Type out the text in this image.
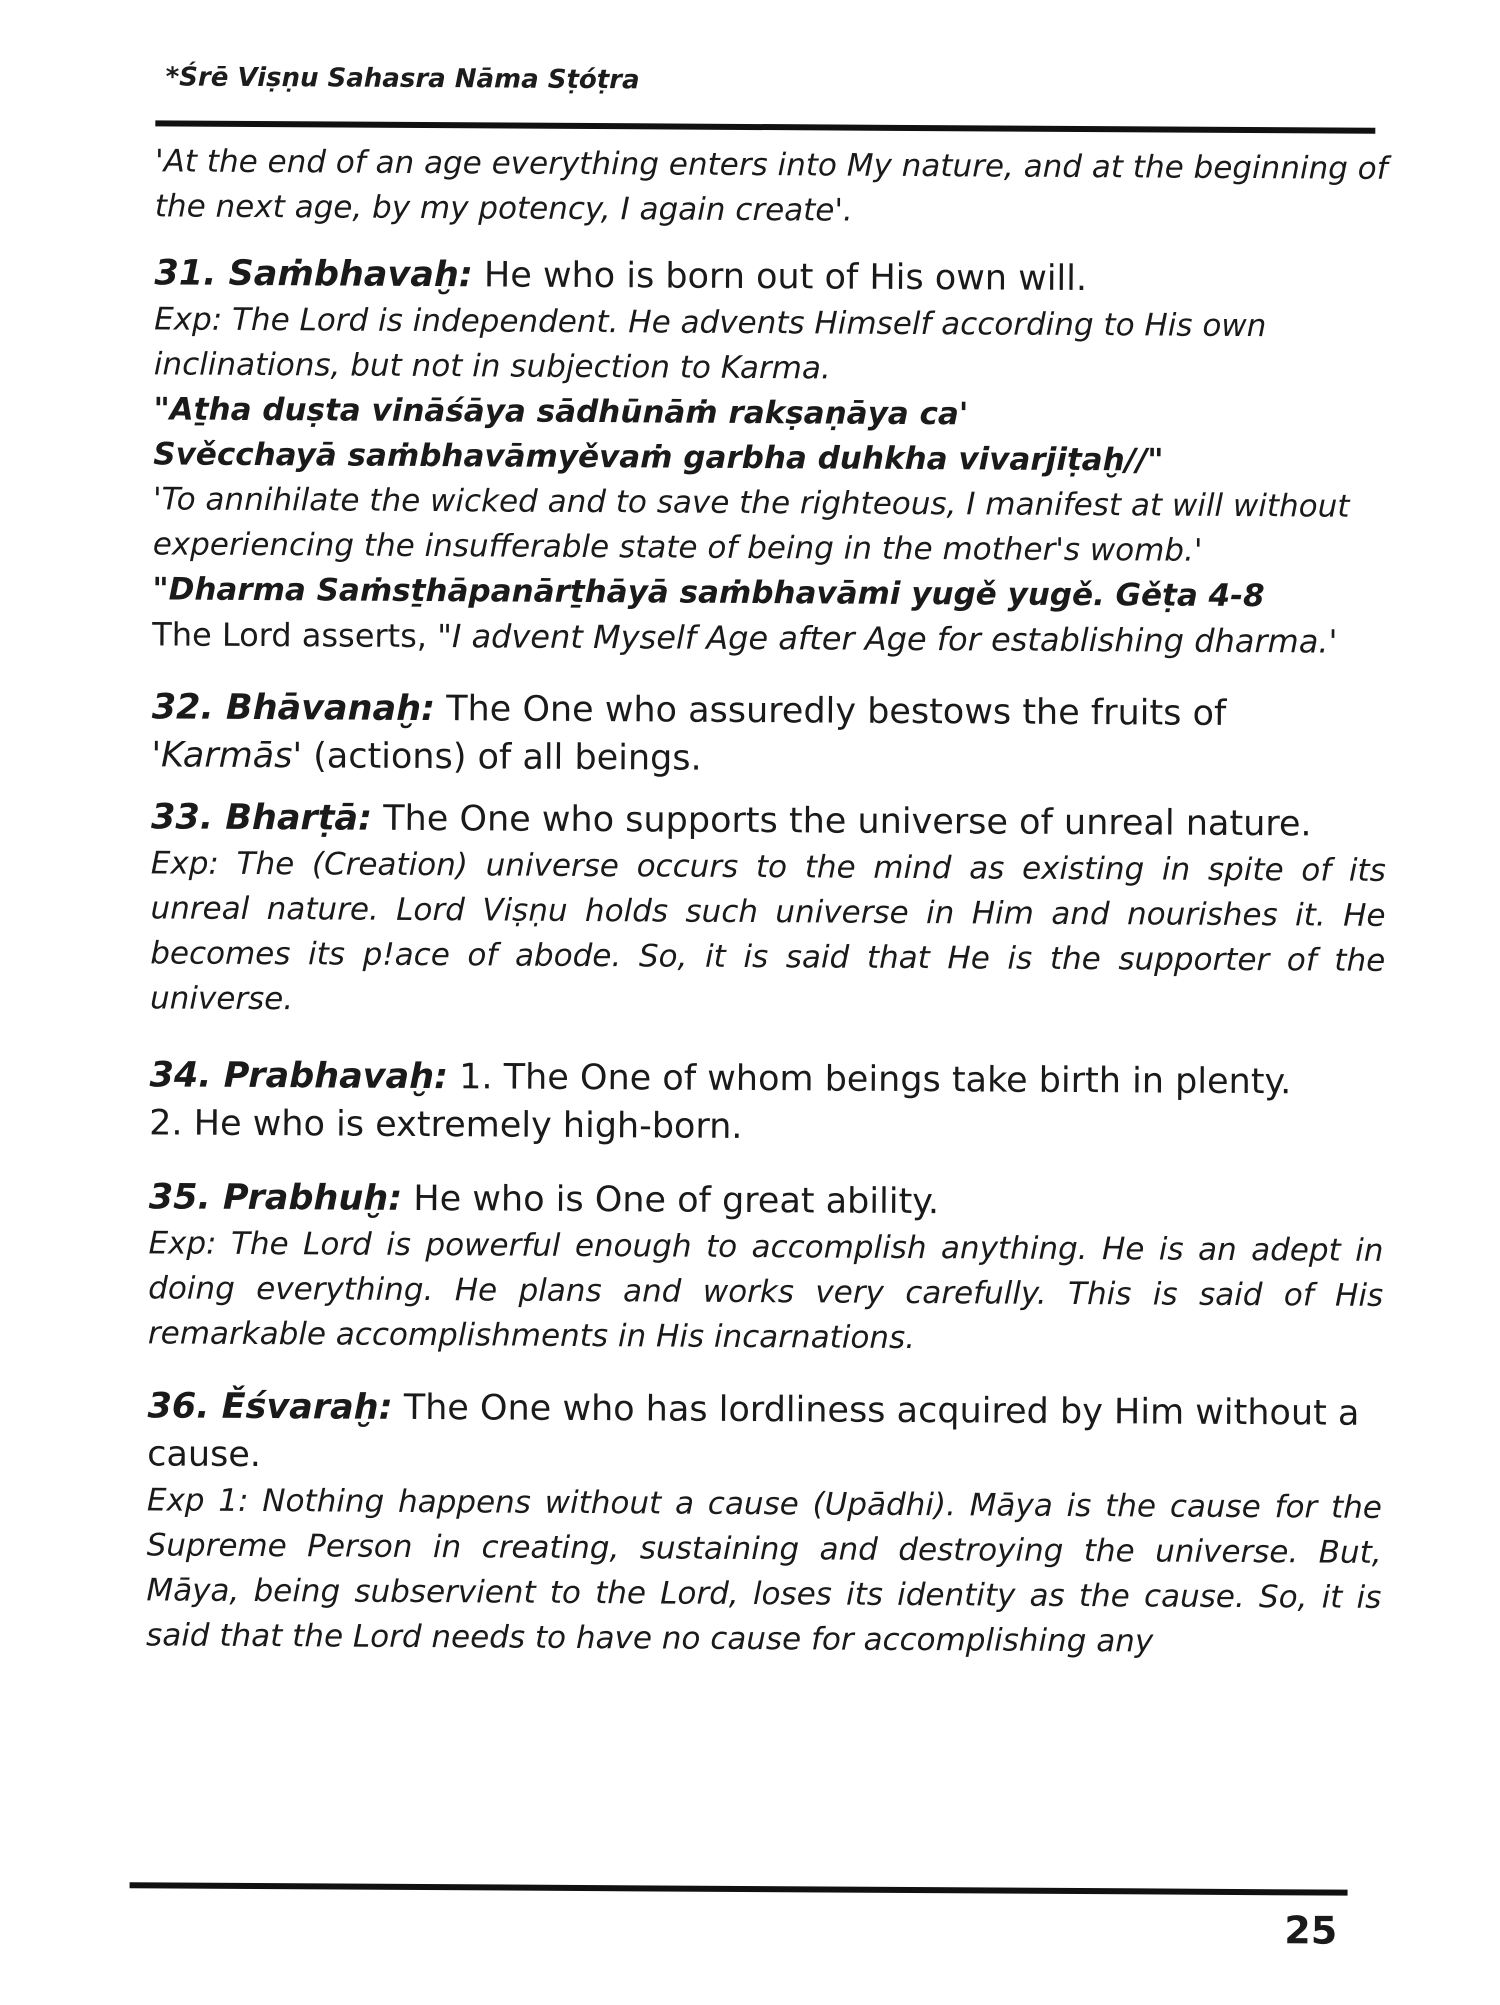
*Śrē Viṣṇu Sahasra Nāma Sṭóṭra

'At the end of an age everything enters into My nature, and at the beginning of the next age, by my potency, I again create'.

31. Saṁbhavaḫ: He who is born out of His own will.

Exp: The Lord is independent. He advents Himself according to His own inclinations, but not in subjection to Karma.

"Aṯha duṣta vināśāya sādhūnāṁ rakṣaṇāya ca'

Svěcchayā saṁbhavāmyěvaṁ garbha duhkha vivarjiṭaḫ//"

'To annihilate the wicked and to save the righteous, I manifest at will without experiencing the insufferable state of being in the mother's womb.'

"Dharma Saṁsṯhāpanārṯhāyā saṁbhavāmi yugě yugě. Gěṭa 4-8

The Lord asserts, "I advent Myself Age after Age for establishing dharma.'

32. Bhāvanaḫ: The One who assuredly bestows the fruits of

'Karmās' (actions) of all beings.

33. Bharṭā: The One who supports the universe of unreal nature.

Exp: The (Creation) universe occurs to the mind as existing in spite of its unreal nature. Lord Viṣṇu holds such universe in Him and nourishes it. He becomes its p!ace of abode. So, it is said that He is the supporter of the universe.

34. Prabhavaḫ: 1. The One of whom beings take birth in plenty.

2. He who is extremely high-born.

35. Prabhuḫ: He who is One of great ability.

Exp: The Lord is powerful enough to accomplish anything. He is an adept in doing everything. He plans and works very carefully. This is said of His remarkable accomplishments in His incarnations.

36. Ěśvaraḫ: The One who has lordliness acquired by Him without a cause.

Exp 1: Nothing happens without a cause (Upādhi). Māya is the cause for the Supreme Person in creating, sustaining and destroying the universe. But, Māya, being subservient to the Lord, loses its identity as the cause. So, it is said that the Lord needs to have no cause for accomplishing any

25
